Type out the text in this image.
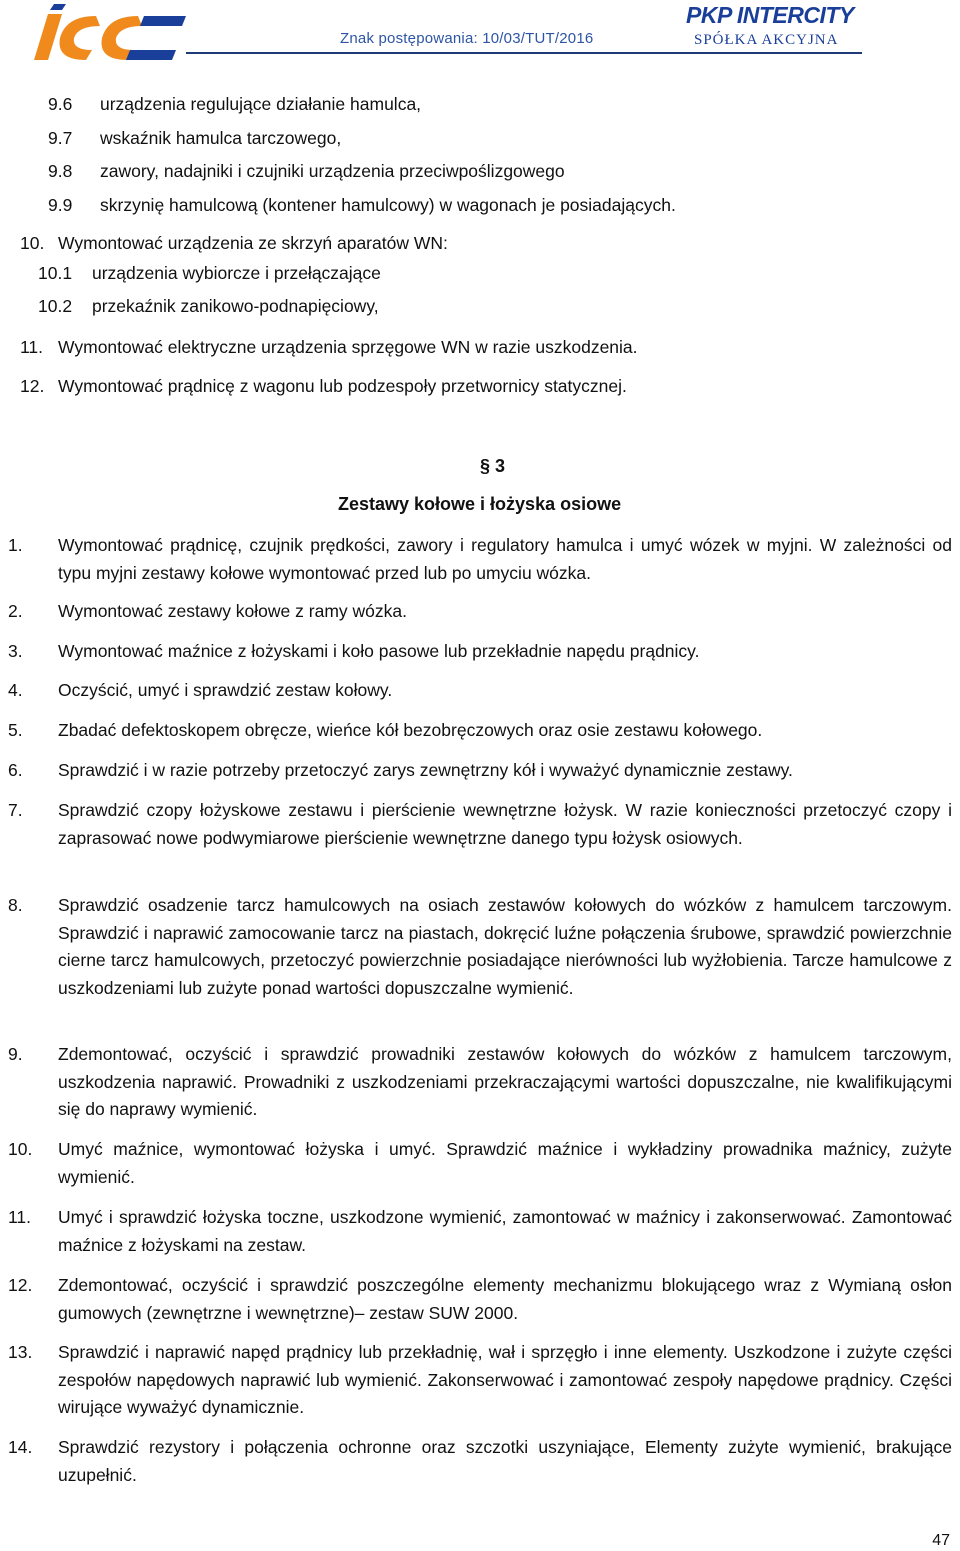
Znak postępowania: 10/03/TUT/2016
PKP INTERCITY
SPÓŁKA AKCYJNA
9.6 urządzenia regulujące działanie hamulca,
9.7 wskaźnik hamulca tarczowego,
9.8 zawory, nadajniki i czujniki urządzenia przeciwpoślizgowego
9.9 skrzynię hamulcową (kontener hamulcowy) w wagonach je posiadających.
10. Wymontować urządzenia ze skrzyń aparatów WN:
10.1 urządzenia wybiorcze i przełączające
10.2 przekaźnik zanikowo-podnapięciowy,
11. Wymontować elektryczne urządzenia sprzęgowe WN w razie uszkodzenia.
12. Wymontować prądnicę z wagonu lub podzespoły przetwornicy statycznej.
§ 3
Zestawy kołowe i łożyska osiowe
1.	Wymontować prądnicę, czujnik prędkości, zawory i regulatory hamulca i umyć wózek w myjni. W zależności od typu myjni zestawy kołowe wymontować przed lub po umyciu wózka.
2.	Wymontować zestawy kołowe z ramy wózka.
3.	Wymontować maźnice z łożyskami i koło pasowe lub przekładnie napędu prądnicy.
4.	Oczyścić, umyć i sprawdzić zestaw kołowy.
5.	Zbadać defektoskopem obręcze, wieńce kół bezobręczowych oraz osie zestawu kołowego.
6.	Sprawdzić i w razie potrzeby przetoczyć zarys zewnętrzny kół i wyważyć dynamicznie zestawy.
7.	Sprawdzić czopy łożyskowe zestawu i pierścienie wewnętrzne łożysk. W razie konieczności przetoczyć czopy i zaprasować nowe podwymiarowe pierścienie wewnętrzne danego typu łożysk osiowych.
8.	Sprawdzić osadzenie tarcz hamulcowych na osiach zestawów kołowych do wózków z hamulcem tarczowym. Sprawdzić i naprawić zamocowanie tarcz na piastach, dokręcić luźne połączenia śrubowe, sprawdzić powierzchnie cierne tarcz hamulcowych, przetoczyć powierzchnie posiadające nierówności lub wyżłobienia. Tarcze hamulcowe z uszkodzeniami lub zużyte ponad wartości dopuszczalne wymienić.
9.	Zdemontować, oczyścić i sprawdzić prowadniki zestawów kołowych do wózków z hamulcem tarczowym, uszkodzenia naprawić. Prowadniki z uszkodzeniami przekraczającymi wartości dopuszczalne, nie kwalifikującymi się do naprawy wymienić.
10.	Umyć maźnice, wymontować łożyska i umyć. Sprawdzić maźnice i wykładziny prowadnika maźnicy, zużyte wymienić.
11.	Umyć i sprawdzić łożyska toczne, uszkodzone wymienić, zamontować w maźnicy i zakonserwować. Zamontować maźnice z łożyskami na zestaw.
12.	Zdemontować, oczyścić i sprawdzić poszczególne elementy mechanizmu blokującego wraz z Wymianą osłon gumowych (zewnętrzne i wewnętrzne)– zestaw SUW 2000.
13.	Sprawdzić i naprawić napęd prądnicy lub przekładnię, wał i sprzęgło i inne elementy. Uszkodzone i zużyte części zespołów napędowych naprawić lub wymienić. Zakonserwować i zamontować zespoły napędowe prądnicy. Części wirujące wyważyć dynamicznie.
14.	Sprawdzić rezystory i połączenia ochronne oraz szczotki uszyniające, Elementy zużyte wymienić, brakujące uzupełnić.
47
